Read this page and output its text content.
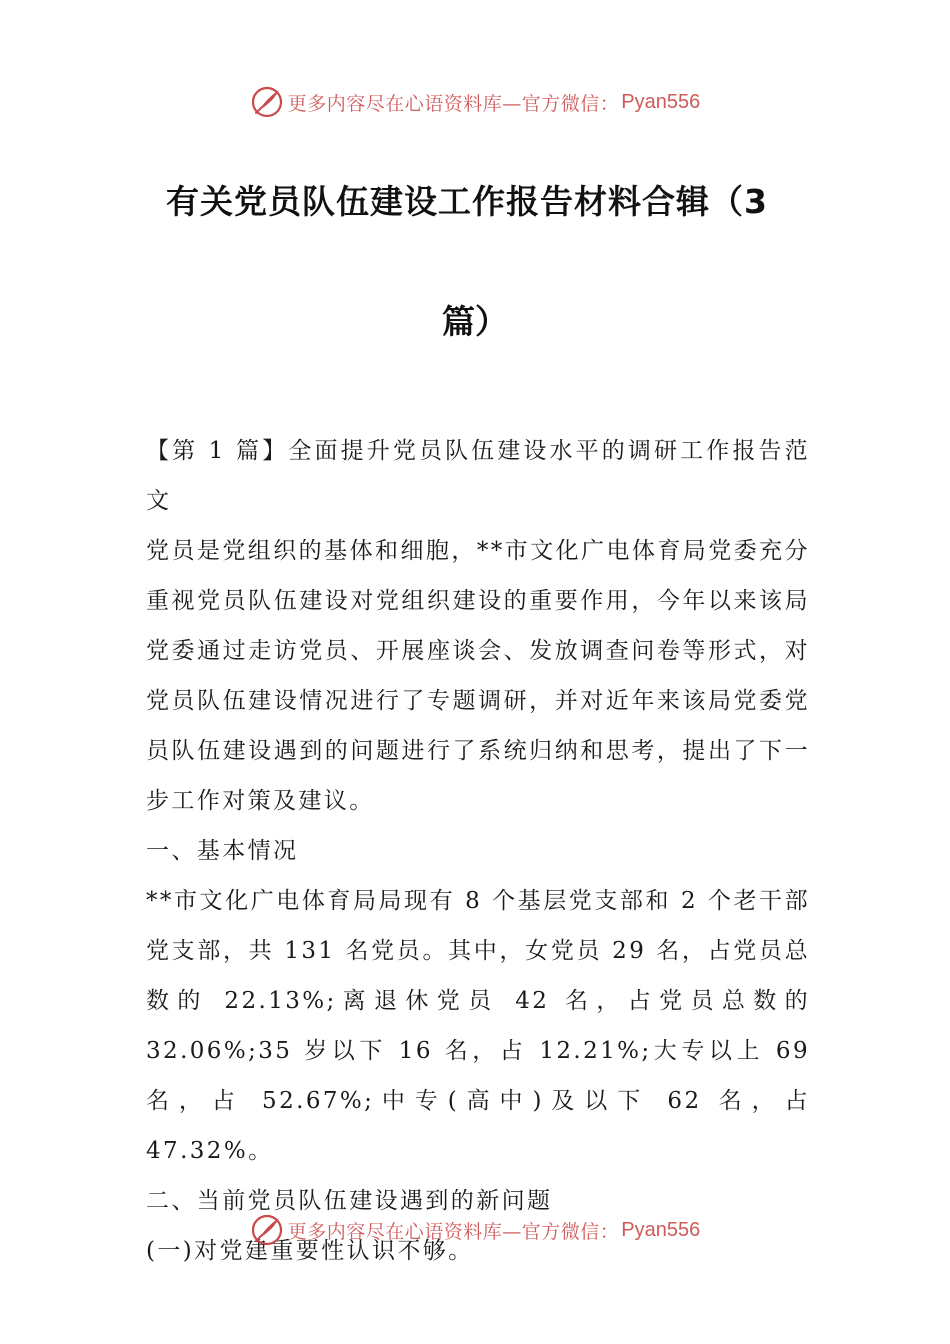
更多内容尽在心语资料库—官方微信： Pyan556
有关党员队伍建设工作报告材料合辑（3
篇）

【第 1 篇】全面提升党员队伍建设水平的调研工作报告范文

党员是党组织的基体和细胞，**市文化广电体育局党委充分重视党员队伍建设对党组织建设的重要作用，今年以来该局党委通过走访党员、开展座谈会、发放调查问卷等形式，对党员队伍建设情况进行了专题调研，并对近年来该局党委党员队伍建设遇到的问题进行了系统归纳和思考，提出了下一步工作对策及建议。

一、基本情况

**市文化广电体育局局现有 8 个基层党支部和 2 个老干部党支部，共 131 名党员。其中，女党员 29 名，占党员总数的 22.13%;离退休党员 42 名，占党员总数的 32.06%;35 岁以下 16 名，占 12.21%;大专以上 69 名，占 52.67%;中专(高中)及以下 62 名，占 47.32%。

二、当前党员队伍建设遇到的新问题

(一)对党建重要性认识不够。

更多内容尽在心语资料库—官方微信： Pyan556
